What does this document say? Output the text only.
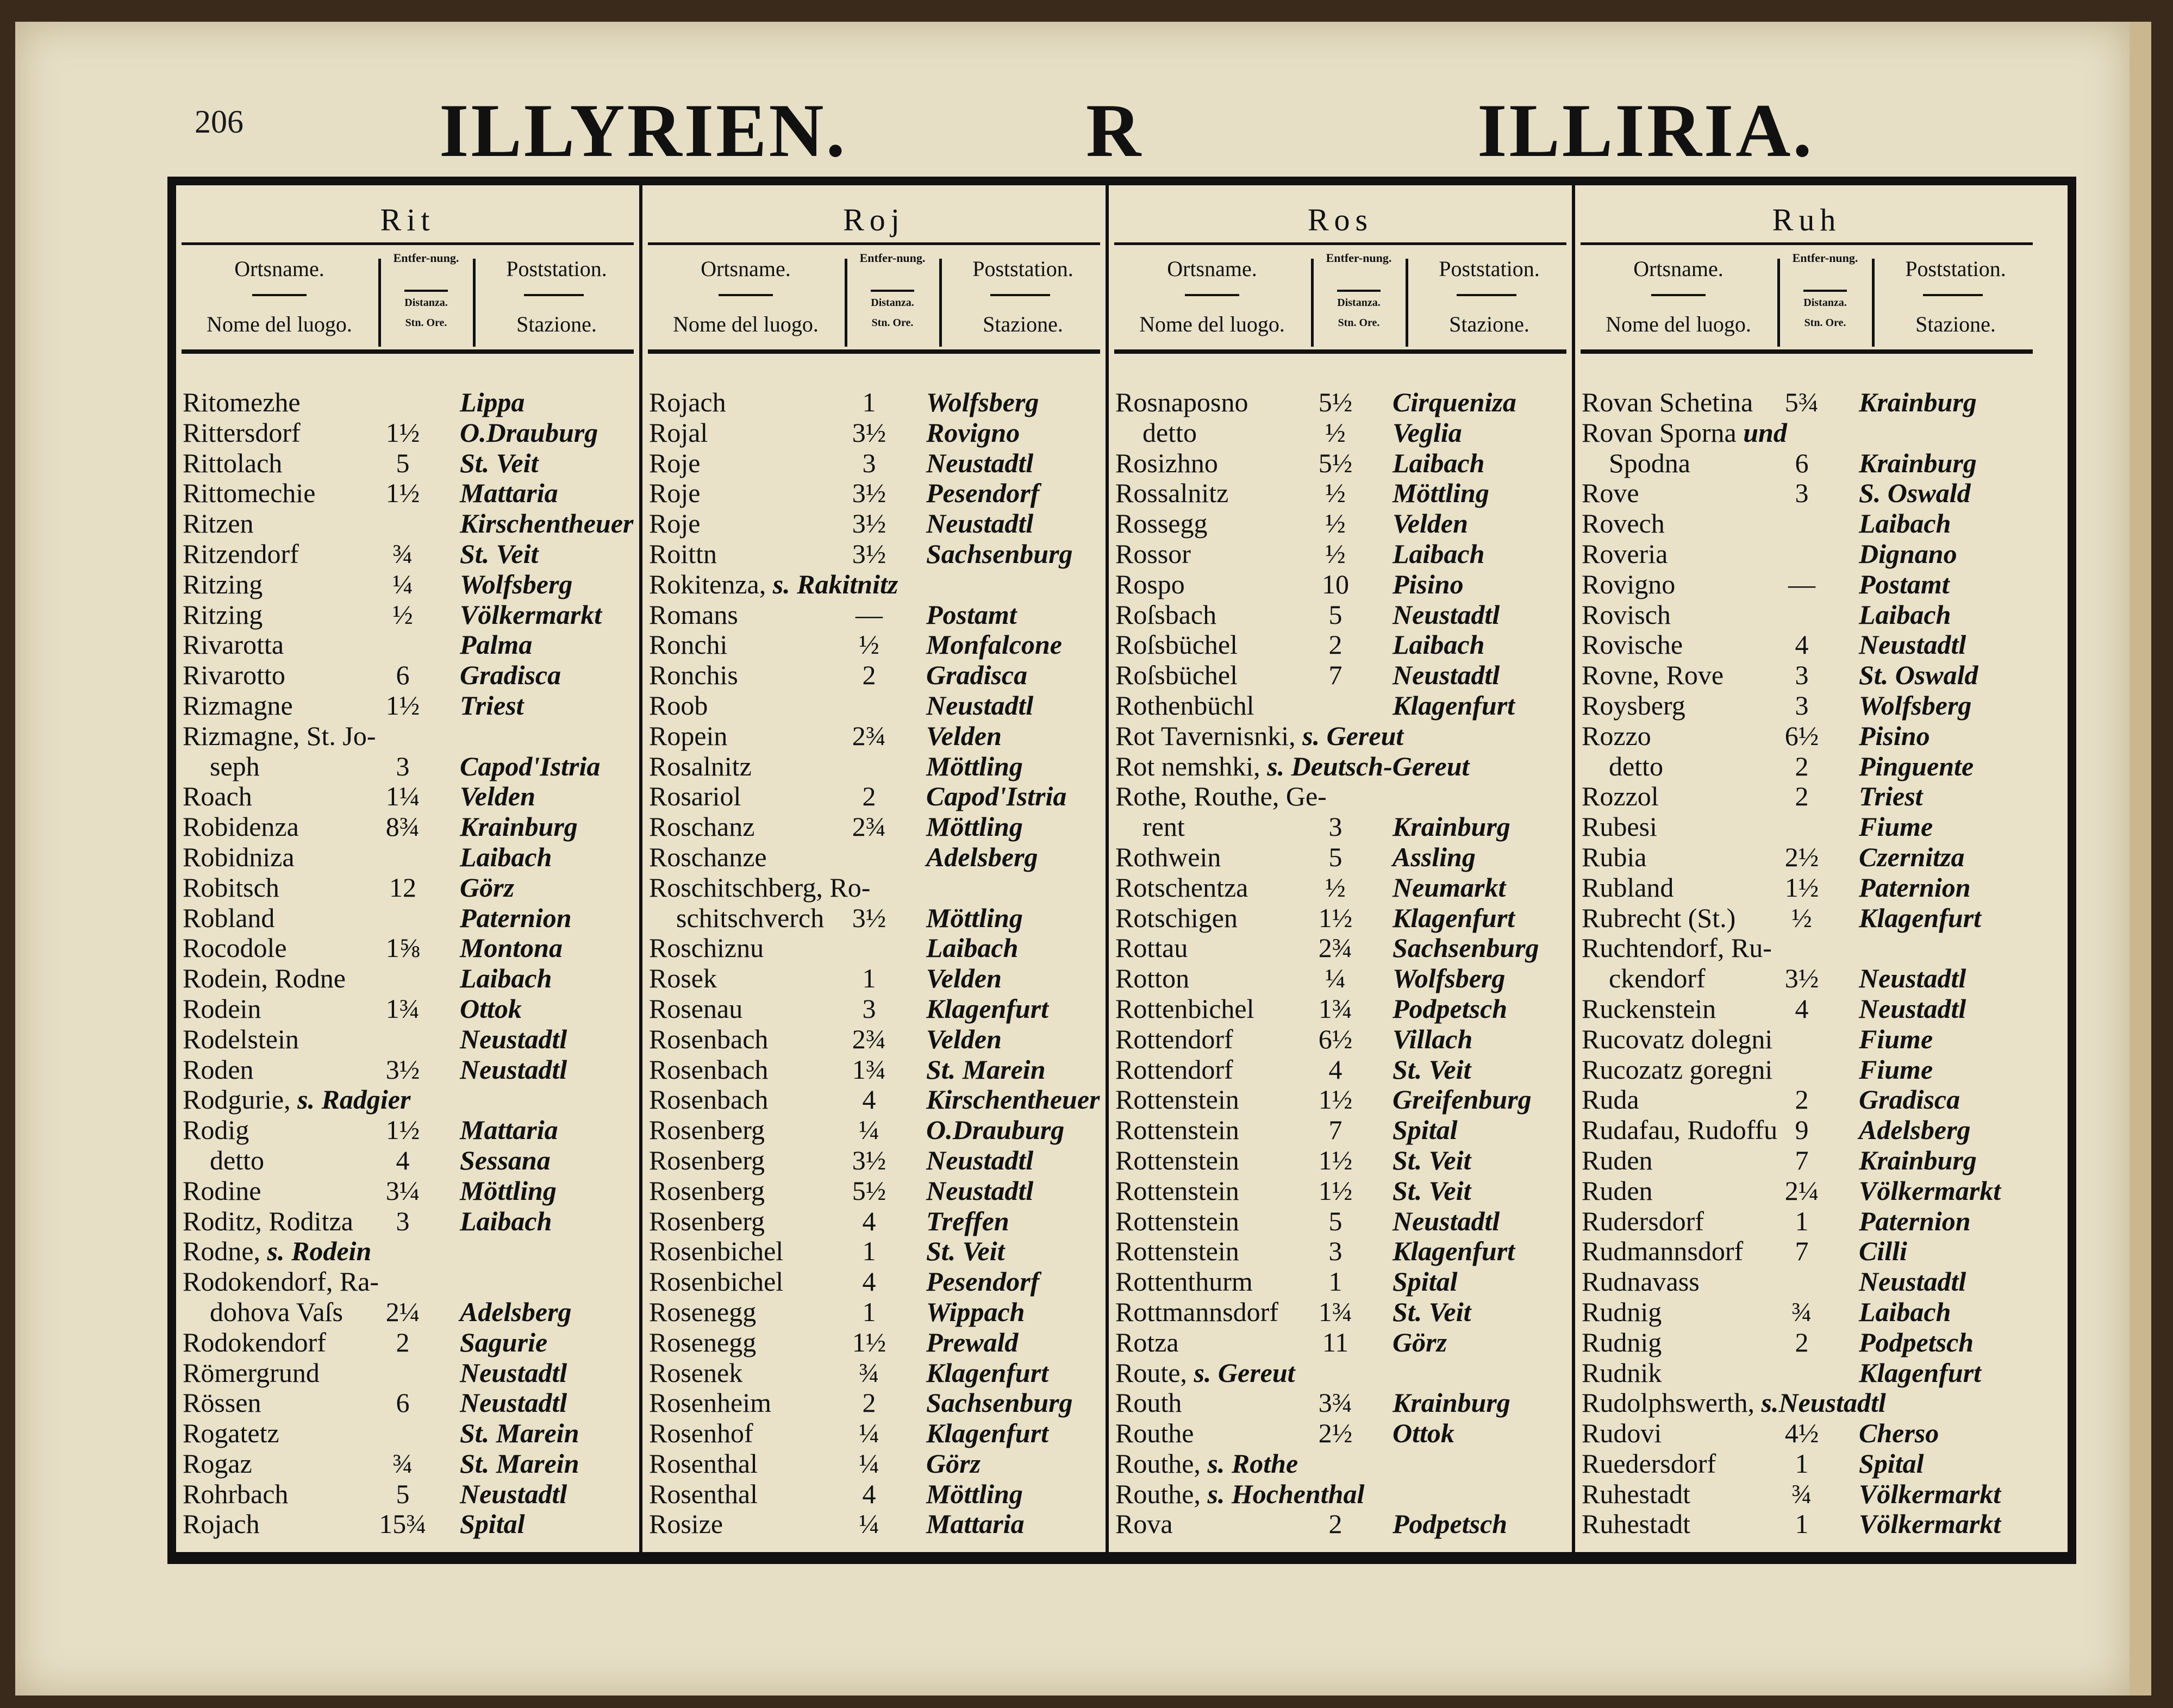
206	ILLYRIEN.	R	ILLIRIA.
Rit
Ortsname.
Nome del luogo.
Entfer-nung.
Distanza.
Stn. Ore.
Poststation.
Stazione.
Ritomezhe	Lippa
Rittersdorf	1½ O.Drauburg
Rittolach	5 St. Veit
Rittomechie	1½ Mattaria
Ritzen	Kirschentheuer
Ritzendorf	¾ St. Veit
Ritzing	¼ Wolfsberg
Ritzing	½ Völkermarkt
Rivarotta	Palma
Rivarotto	6 Gradisca
Rizmagne	1½ Triest
Rizmagne, St. Jo-
 seph	3 Capod'Istria
Roach	1¼ Velden
Robidenza	8¾ Krainburg
Robidniza	Laibach
Robitsch	12 Görz
Robland	Paternion
Rocodole	1⅝ Montona
Rodein, Rodne	Laibach
Rodein	1¾ Ottok
Rodelstein	Neustadtl
Roden	3½ Neustadtl
Rodgurie, s. Radgier
Rodig	1½ Mattaria
 detto	4 Sessana
Rodine	3¼ Möttling
Roditz, Roditza 3 Laibach
Rodne, s. Rodein
Rodokendorf, Ra-
 dohova Vaſs 2¼ Adelsberg
Rodokendorf	2 Sagurie
Römergrund	Neustadtl
Rössen	6 Neustadtl
Rogatetz	St. Marein
Rogaz	¾ St. Marein
Rohrbach	5 Neustadtl
Rojach	15¾ Spital
Roj
Ortsname.
Nome del luogo.
Entfer-nung.
Distanza.
Stn. Ore.
Poststation.
Stazione.
Rojach	1 Wolfsberg
Rojal	3½ Rovigno
Roje	3 Neustadtl
Roje	3½ Pesendorf
Roje	3½ Neustadtl
Roittn	3½ Sachsenburg
Rokitenza, s. Rakitnitz
Romans	— Postamt
Ronchi	½ Monfalcone
Ronchis	2 Gradisca
Roob	Neustadtl
Ropein	2¾ Velden
Rosalnitz	Möttling
Rosariol	2 Capod'Istria
Roschanz	2¾ Möttling
Roschanze	Adelsberg
Roschitschberg, Ro-
 schitschverch 3½ Möttling
Roschiznu	Laibach
Rosek	1 Velden
Rosenau	3 Klagenfurt
Rosenbach	2¾ Velden
Rosenbach	1¾ St. Marein
Rosenbach	4 Kirschentheuer
Rosenberg	¼ O.Drauburg
Rosenberg	3½ Neustadtl
Rosenberg	5½ Neustadtl
Rosenberg	4 Treffen
Rosenbichel	1 St. Veit
Rosenbichel	4 Pesendorf
Rosenegg	1 Wippach
Rosenegg	1½ Prewald
Rosenek	¾ Klagenfurt
Rosenheim	2 Sachsenburg
Rosenhof	¼ Klagenfurt
Rosenthal	¼ Görz
Rosenthal	4 Möttling
Rosize	¼ Mattaria
Ros
Ortsname.
Nome del luogo.
Entfer-nung.
Distanza.
Stn. Ore.
Poststation.
Stazione.
Rosnaposno	5½ Cirqueniza
 detto	½ Veglia
Rosizhno	5½ Laibach
Rossalnitz	½ Möttling
Rossegg	½ Velden
Rossor	½ Laibach
Rospo	10 Pisino
Roſsbach	5 Neustadtl
Roſsbüchel	2 Laibach
Roſsbüchel	7 Neustadtl
Rothenbüchl	Klagenfurt
Rot Tavernisnki, s. Gereut
Rot nemshki, s. Deutsch-Gereut
Rothe, Routhe, Ge-
 rent	3 Krainburg
Rothwein	5 Assling
Rotschentza	½ Neumarkt
Rotschigen	1½ Klagenfurt
Rottau	2¾ Sachsenburg
Rotton	¼ Wolfsberg
Rottenbichel 1¾ Podpetsch
Rottendorf	6½ Villach
Rottendorf	4 St. Veit
Rottenstein	1½ Greifenburg
Rottenstein	7 Spital
Rottenstein	1½ St. Veit
Rottenstein	1½ St. Veit
Rottenstein	5 Neustadtl
Rottenstein	3 Klagenfurt
Rottenthurm	1 Spital
Rottmannsdorf 1¾ St. Veit
Rotza	11 Görz
Route, s. Gereut
Routh	3¾ Krainburg
Routhe	2½ Ottok
Routhe, s. Rothe
Routhe, s. Hochenthal
Rova	2 Podpetsch
Ruh
Ortsname.
Nome del luogo.
Entfer-nung.
Distanza.
Stn. Ore.
Poststation.
Stazione.
Rovan Schetina 5¾ Krainburg
Rovan Sporna und
 Spodna	6 Krainburg
Rove	3 S. Oswald
Rovech	Laibach
Roveria	Dignano
Rovigno	— Postamt
Rovisch	Laibach
Rovische	4 Neustadtl
Rovne, Rove	3 St. Oswald
Roysberg	3 Wolfsberg
Rozzo	6½ Pisino
 detto	2 Pinguente
Rozzol	2 Triest
Rubesi	Fiume
Rubia	2½ Czernitza
Rubland	1½ Paternion
Rubrecht (St.) ½ Klagenfurt
Ruchtendorf, Ru-
 ckendorf	3½ Neustadtl
Ruckenstein	4 Neustadtl
Rucovatz dolegni	Fiume
Rucozatz goregni	Fiume
Ruda	2 Gradisca
Rudafau, Rudoffu 9 Adelsberg
Ruden	7 Krainburg
Ruden	2¼ Völkermarkt
Rudersdorf	1 Paternion
Rudmannsdorf 7 Cilli
Rudnavass	Neustadtl
Rudnig	¾ Laibach
Rudnig	2 Podpetsch
Rudnik	Klagenfurt
Rudolphswerth, s.Neustadtl
Rudovi	4½ Cherso
Ruedersdorf	1 Spital
Ruhestadt	¾ Völkermarkt
Ruhestadt	1 Völkermarkt
